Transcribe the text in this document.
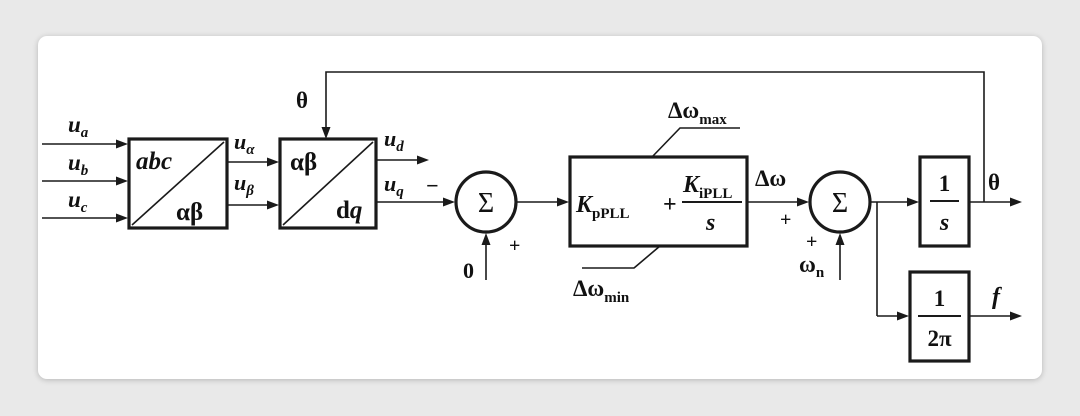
$u_a$
$u_b$
$u_c$
abc
αβ
$u_\alpha$
$u_\beta$
αβ
dq
$u_d$
$u_q$ −
Σ
0
+
$K_{pPLL}$ +
$K_{iPLL}$
s
$\Delta\omega_{max}$
$\Delta\omega_{min}$
Δω
+
Σ
+
$\omega_n$
1
s
θ
θ
1
2π
f
